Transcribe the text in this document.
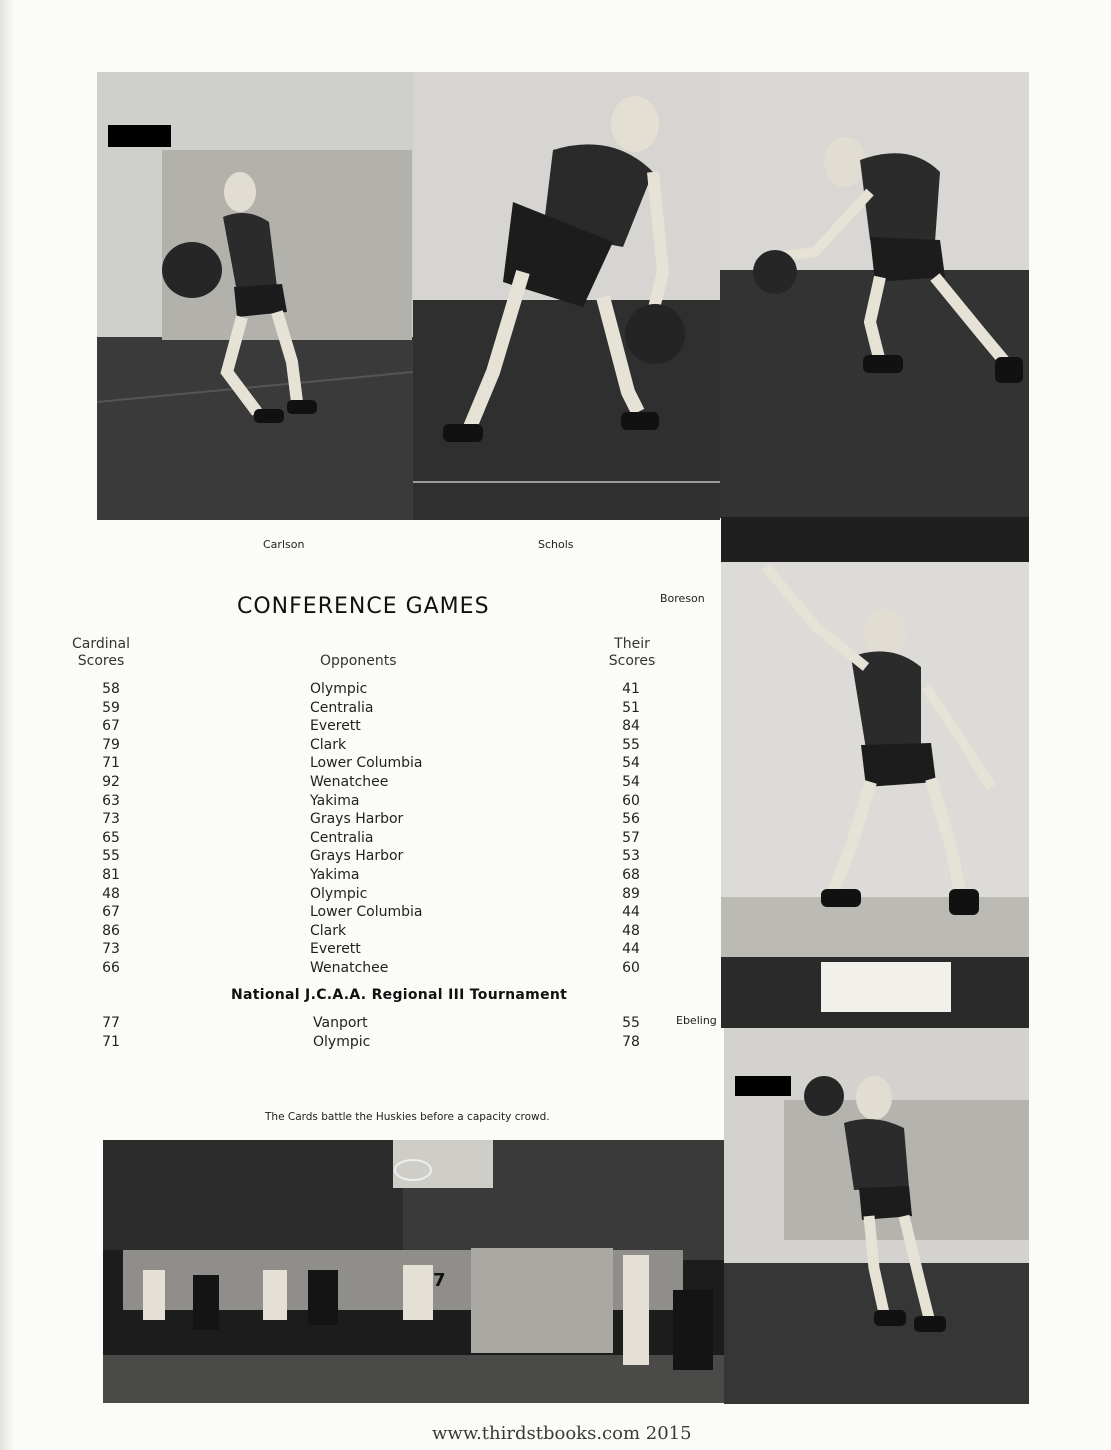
7
Carlson	Schols
Boreson
Ebeling
The Cards battle the Huskies before a capacity crowd.
CONFERENCE GAMES
Cardinal
Scores	Opponents
Their
Scores
58
59
67
79
71
92
63
73
65
55
81
48
67
86
73
66
Olympic
Centralia
Everett
Clark
Lower Columbia
Wenatchee
Yakima
Grays Harbor
Centralia
Grays Harbor
Yakima
Olympic
Lower Columbia
Clark
Everett
Wenatchee
41
51
84
55
54
54
60
56
57
53
68
89
44
48
44
60
National J.C.A.A. Regional III Tournament
77
71
Vanport
Olympic
55
78
www.thirdstbooks.com 2015
